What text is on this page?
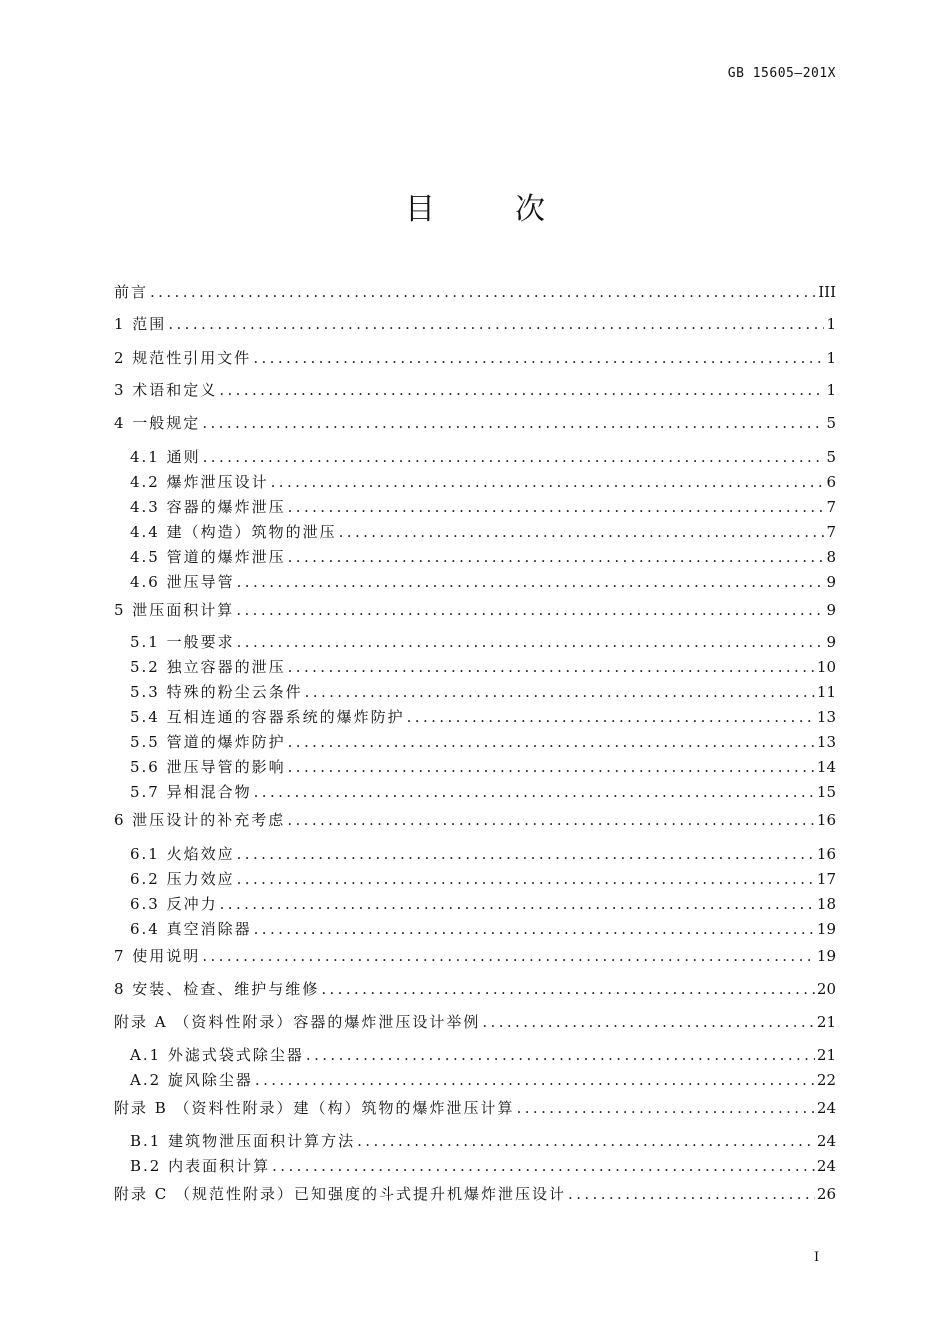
GB 15605—201X
目	次
前言 .....	III
1 范围 .....	1
2 规范性引用文件 .....	1
3 术语和定义 .....	1
4 一般规定 .....	5
4.1 通则 .....	5
4.2 爆炸泄压设计 .....	6
4.3 容器的爆炸泄压 .....	7
4.4 建（构造）筑物的泄压 .....	7
4.5 管道的爆炸泄压 .....	8
4.6 泄压导管 .....	9
5 泄压面积计算 .....	9
5.1 一般要求 .....	9
5.2 独立容器的泄压 .....	10
5.3 特殊的粉尘云条件 .....	11
5.4 互相连通的容器系统的爆炸防护 .....	13
5.5 管道的爆炸防护 .....	13
5.6 泄压导管的影响 .....	14
5.7 异相混合物 .....	15
6 泄压设计的补充考虑 .....	16
6.1 火焰效应 .....	16
6.2 压力效应 .....	17
6.3 反冲力 .....	18
6.4 真空消除器 .....	19
7 使用说明 .....	19
8 安装、检查、维护与维修 .....	20
附录 A （资料性附录）容器的爆炸泄压设计举例 .....	21
A.1 外滤式袋式除尘器 .....	21
A.2 旋风除尘器 .....	22
附录 B （资料性附录）建（构）筑物的爆炸泄压计算 .....	24
B.1 建筑物泄压面积计算方法 .....	24
B.2 内表面积计算 .....	24
附录 C （规范性附录）已知强度的斗式提升机爆炸泄压设计 .....	26
I
